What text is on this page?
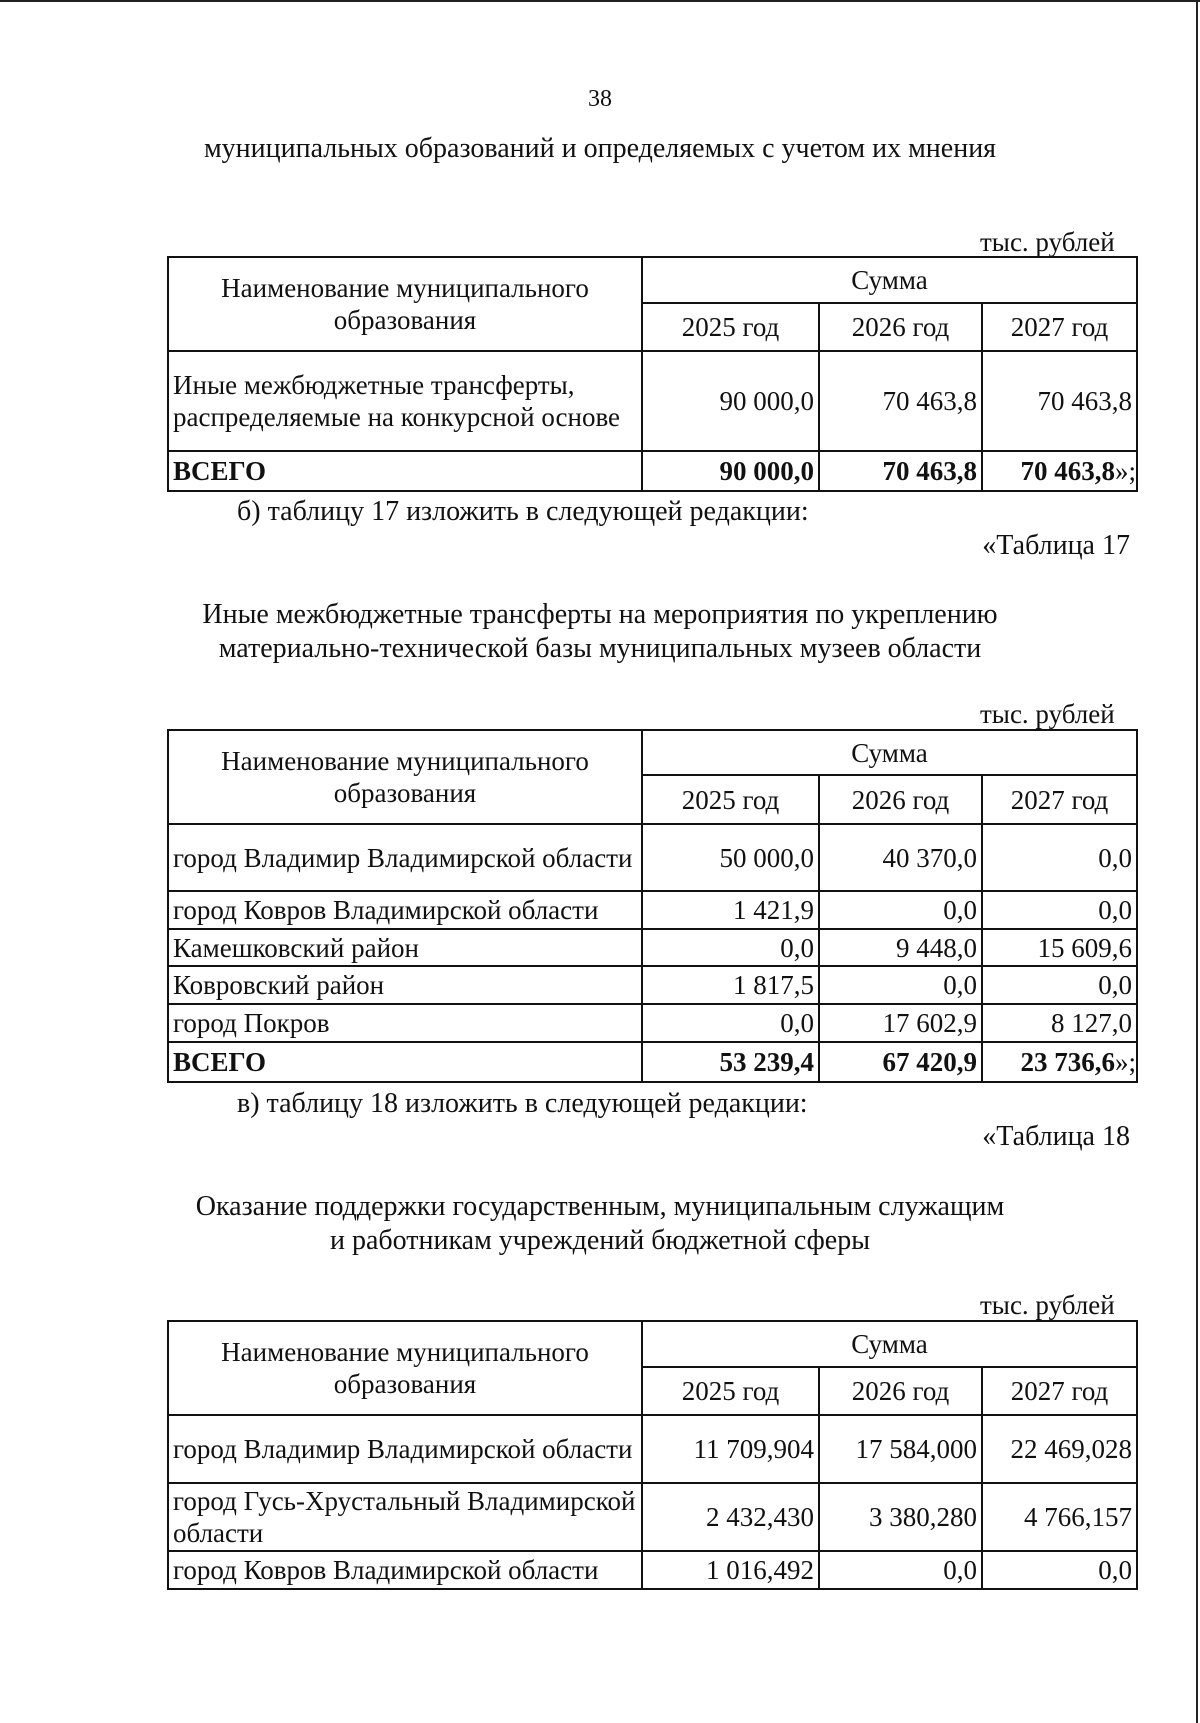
38
муниципальных образований и определяемых с учетом их мнения
тыс. рублей
Наименование муниципального образования	Сумма		
	2025 год	2026 год	2027 год
Иные межбюджетные трансферты, распределяемые на конкурсной основе	90 000,0	70 463,8	70 463,8
ВСЕГО	90 000,0	70 463,8	70 463,8»;
б) таблицу 17 изложить в следующей редакции:
«Таблица 17
Иные межбюджетные трансферты на мероприятия по укреплению
материально-технической базы муниципальных музеев области
тыс. рублей
Наименование муниципального образования	Сумма		
	2025 год	2026 год	2027 год
город Владимир Владимирской области	50 000,0	40 370,0	0,0
город Ковров Владимирской области	1 421,9	0,0	0,0
Камешковский район	0,0	9 448,0	15 609,6
Ковровский район	1 817,5	0,0	0,0
город Покров	0,0	17 602,9	8 127,0
ВСЕГО	53 239,4	67 420,9	23 736,6»;
в) таблицу 18 изложить в следующей редакции:
«Таблица 18
Оказание поддержки государственным, муниципальным служащим
и работникам учреждений бюджетной сферы
тыс. рублей
Наименование муниципального образования	Сумма		
	2025 год	2026 год	2027 год
город Владимир Владимирской области	11 709,904	17 584,000	22 469,028
город Гусь-Хрустальный Владимирской области	2 432,430	3 380,280	4 766,157
город Ковров Владимирской области	1 016,492	0,0	0,0
